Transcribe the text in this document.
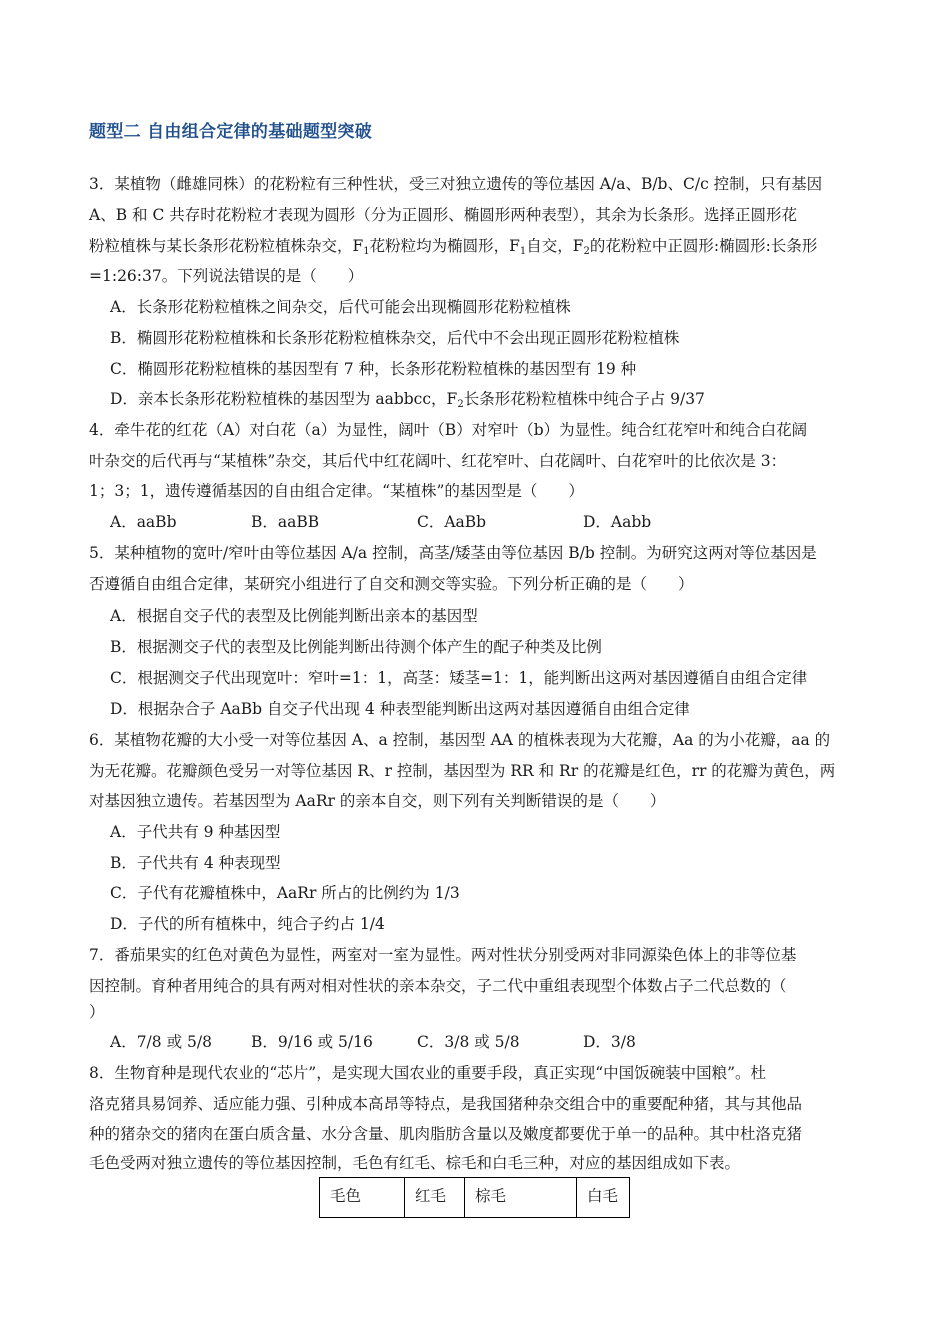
题型二 自由组合定律的基础题型突破
3．某植物（雌雄同株）的花粉粒有三种性状，受三对独立遗传的等位基因 A/a、B/b、C/c 控制，只有基因
A、B 和 C 共存时花粉粒才表现为圆形（分为正圆形、椭圆形两种表型），其余为长条形。选择正圆形花
粉粒植株与某长条形花粉粒植株杂交，$F_1$花粉粒均为椭圆形，$F_1$自交，$F_2$的花粉粒中正圆形:椭圆形:长条形
=1:26:37。下列说法错误的是（　　）
A．长条形花粉粒植株之间杂交，后代可能会出现椭圆形花粉粒植株
B．椭圆形花粉粒植株和长条形花粉粒植株杂交，后代中不会出现正圆形花粉粒植株
C．椭圆形花粉粒植株的基因型有 7 种，长条形花粉粒植株的基因型有 19 种
D．亲本长条形花粉粒植株的基因型为 aabbcc，$F_2$长条形花粉粒植株中纯合子占 9/37
4．牵牛花的红花（A）对白花（a）为显性，阔叶（B）对窄叶（b）为显性。纯合红花窄叶和纯合白花阔
叶杂交的后代再与“某植株”杂交，其后代中红花阔叶、红花窄叶、白花阔叶、白花窄叶的比依次是 3：
1；3；1，遗传遵循基因的自由组合定律。“某植株”的基因型是（　　）
A．aaBb	B．aaBB	C．AaBb	D．Aabb
5．某种植物的宽叶/窄叶由等位基因 A/a 控制，高茎/矮茎由等位基因 B/b 控制。为研究这两对等位基因是
否遵循自由组合定律，某研究小组进行了自交和测交等实验。下列分析正确的是（　　）
A．根据自交子代的表型及比例能判断出亲本的基因型
B．根据测交子代的表型及比例能判断出待测个体产生的配子种类及比例
C．根据测交子代出现宽叶：窄叶=1：1，高茎：矮茎=1：1，能判断出这两对基因遵循自由组合定律
D．根据杂合子 AaBb 自交子代出现 4 种表型能判断出这两对基因遵循自由组合定律
6．某植物花瓣的大小受一对等位基因 A、a 控制，基因型 AA 的植株表现为大花瓣，Aa 的为小花瓣，aa 的
为无花瓣。花瓣颜色受另一对等位基因 R、r 控制，基因型为 RR 和 Rr 的花瓣是红色，rr 的花瓣为黄色，两
对基因独立遗传。若基因型为 AaRr 的亲本自交，则下列有关判断错误的是（　　）
A．子代共有 9 种基因型
B．子代共有 4 种表现型
C．子代有花瓣植株中，AaRr 所占的比例约为 1/3
D．子代的所有植株中，纯合子约占 1/4
7．番茄果实的红色对黄色为显性，两室对一室为显性。两对性状分别受两对非同源染色体上的非等位基
因控制。育种者用纯合的具有两对相对性状的亲本杂交，子二代中重组表现型个体数占子二代总数的（
）
A．7/8 或 5/8	B．9/16 或 5/16	C．3/8 或 5/8	D．3/8
8．生物育种是现代农业的“芯片”，是实现大国农业的重要手段，真正实现“中国饭碗装中国粮”。杜
洛克猪具易饲养、适应能力强、引种成本高昂等特点，是我国猪种杂交组合中的重要配种猪，其与其他品
种的猪杂交的猪肉在蛋白质含量、水分含量、肌肉脂肪含量以及嫩度都要优于单一的品种。其中杜洛克猪
毛色受两对独立遗传的等位基因控制，毛色有红毛、棕毛和白毛三种，对应的基因组成如下表。
毛色	红毛	棕毛	白毛
